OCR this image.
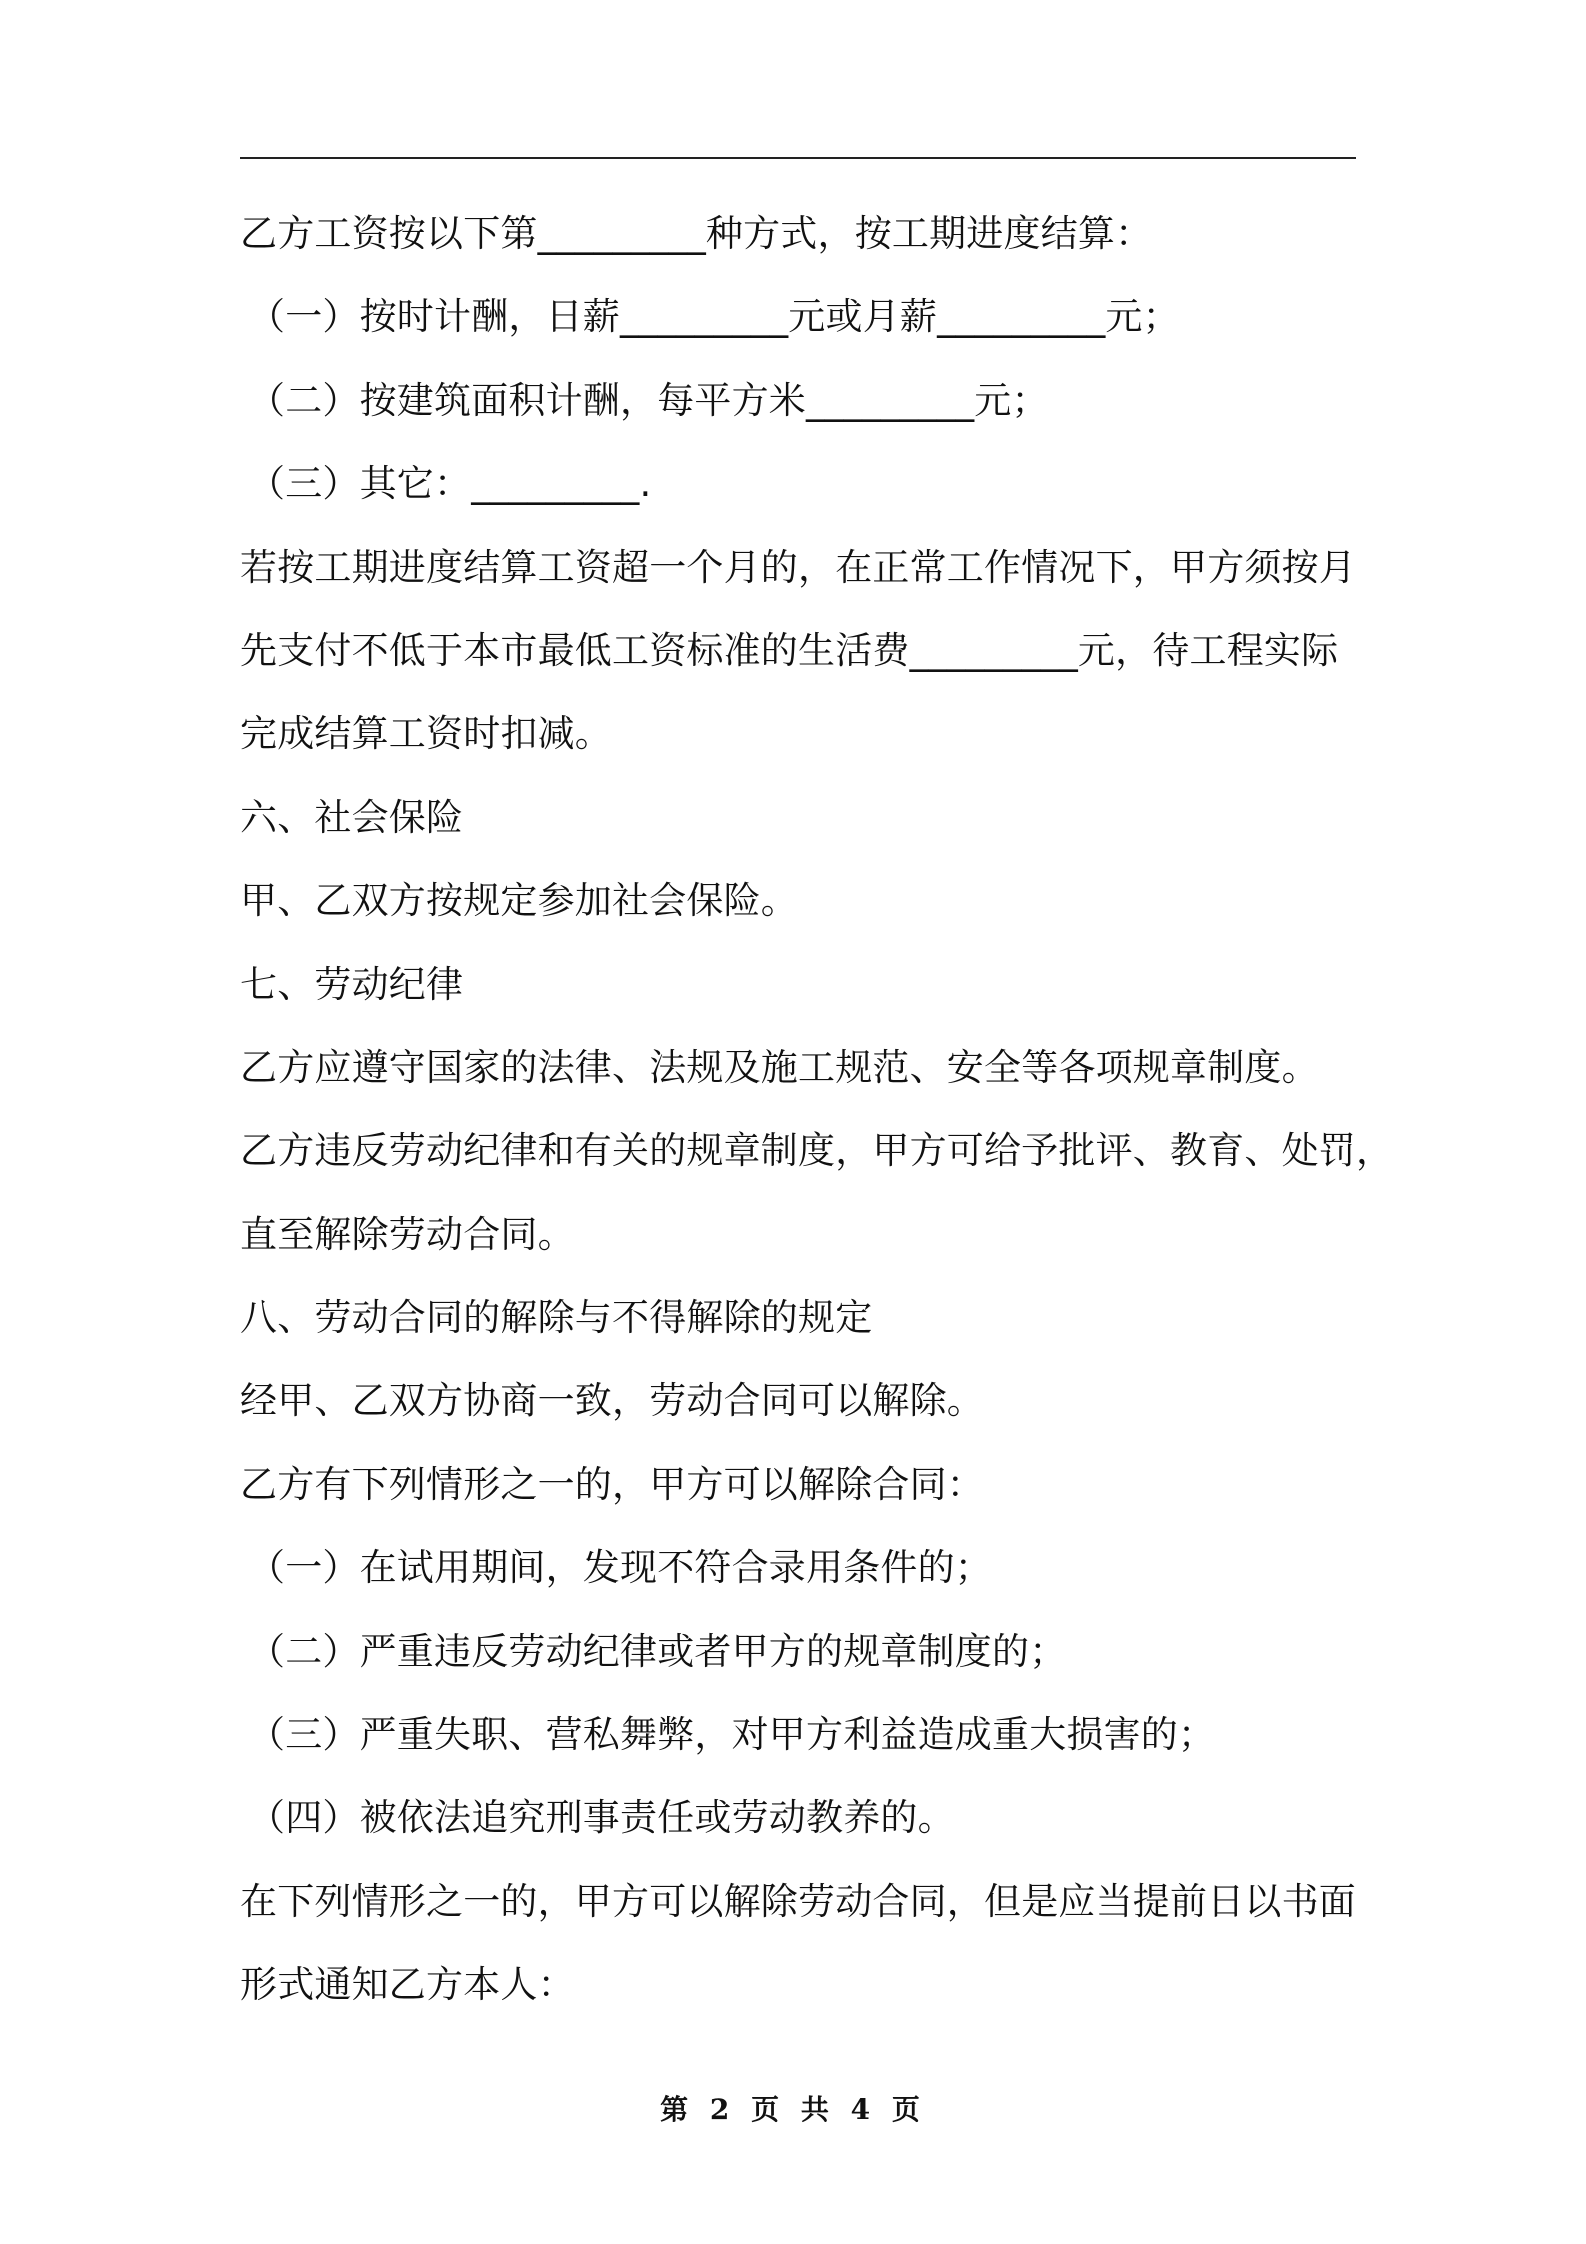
乙方工资按以下第_________种方式，按工期进度结算：
（一）按时计酬，日薪_________元或月薪_________元；
（二）按建筑面积计酬，每平方米_________元；
（三）其它：_________.
若按工期进度结算工资超一个月的，在正常工作情况下，甲方须按月
先支付不低于本市最低工资标准的生活费_________元，待工程实际
完成结算工资时扣减。
六、社会保险
甲、乙双方按规定参加社会保险。
七、劳动纪律
乙方应遵守国家的法律、法规及施工规范、安全等各项规章制度。
乙方违反劳动纪律和有关的规章制度，甲方可给予批评、教育、处罚，
直至解除劳动合同。
八、劳动合同的解除与不得解除的规定
经甲、乙双方协商一致，劳动合同可以解除。
乙方有下列情形之一的，甲方可以解除合同：
（一）在试用期间，发现不符合录用条件的；
（二）严重违反劳动纪律或者甲方的规章制度的；
（三）严重失职、营私舞弊，对甲方利益造成重大损害的；
（四）被依法追究刑事责任或劳动教养的。
在下列情形之一的，甲方可以解除劳动合同，但是应当提前日以书面
形式通知乙方本人：
第 2 页 共 4 页
